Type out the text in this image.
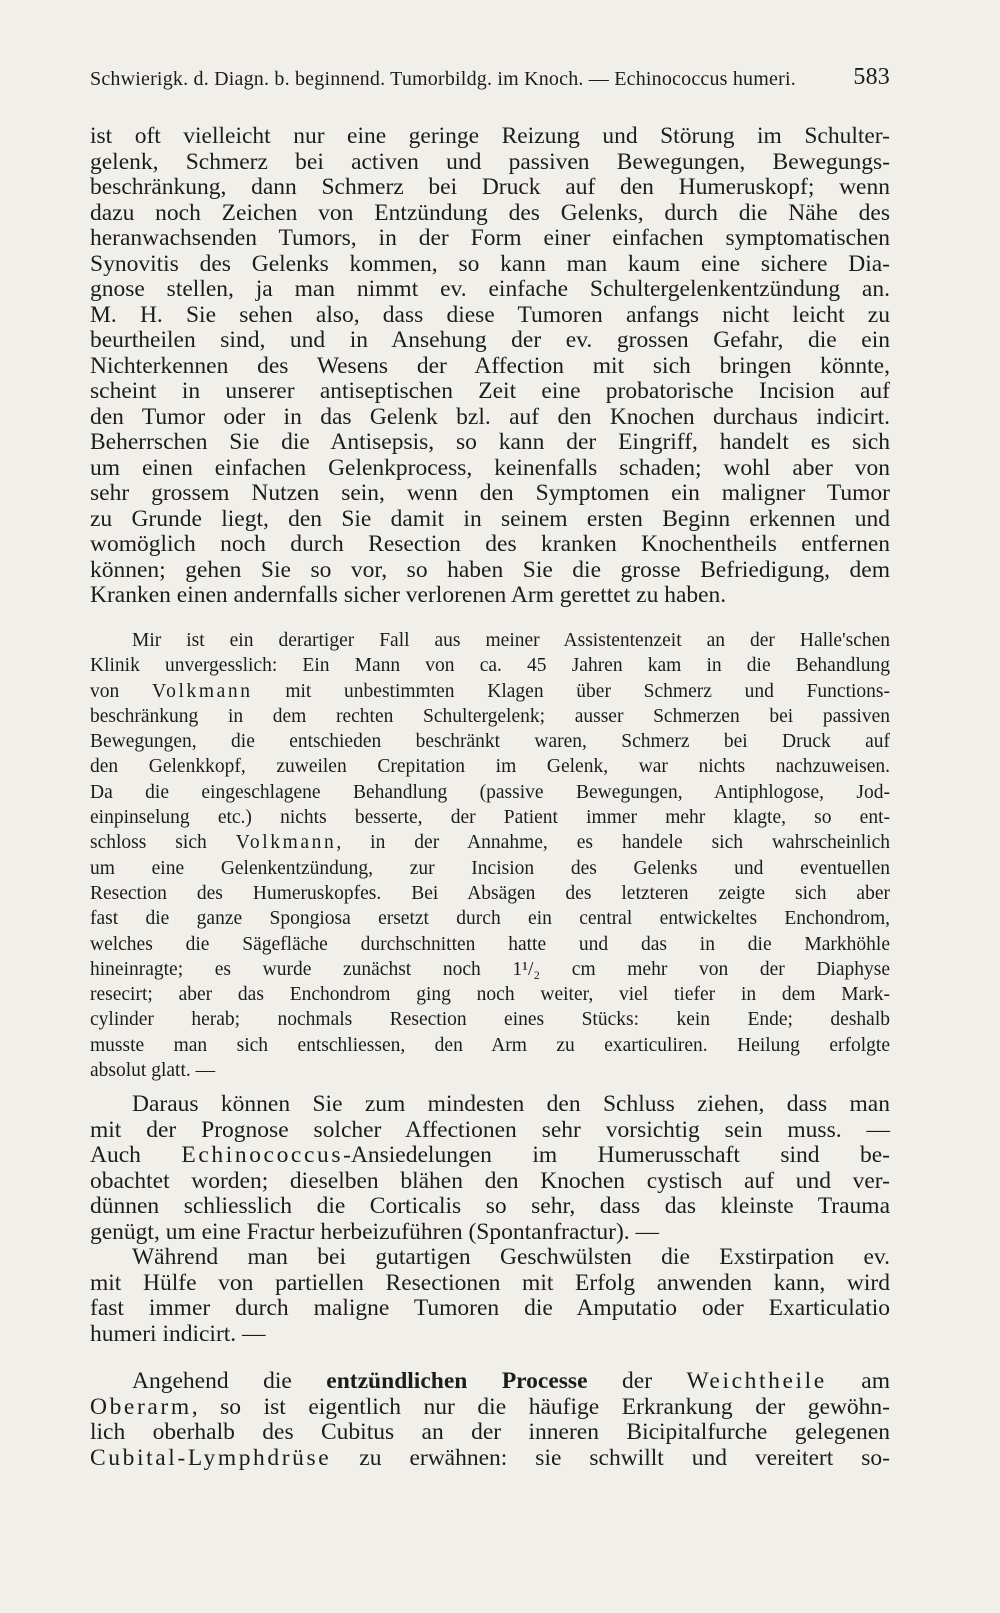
Schwierigk. d. Diagn. b. beginnend. Tumorbildg. im Knoch. — Echinococcus humeri. 583
ist oft vielleicht nur eine geringe Reizung und Störung im Schulter-
gelenk, Schmerz bei activen und passiven Bewegungen, Bewegungs-
beschränkung, dann Schmerz bei Druck auf den Humeruskopf; wenn
dazu noch Zeichen von Entzündung des Gelenks, durch die Nähe des
heranwachsenden Tumors, in der Form einer einfachen symptomatischen
Synovitis des Gelenks kommen, so kann man kaum eine sichere Dia-
gnose stellen, ja man nimmt ev. einfache Schultergelenkentzündung an.
M. H. Sie sehen also, dass diese Tumoren anfangs nicht leicht zu
beurtheilen sind, und in Ansehung der ev. grossen Gefahr, die ein
Nichterkennen des Wesens der Affection mit sich bringen könnte,
scheint in unserer antiseptischen Zeit eine probatorische Incision auf
den Tumor oder in das Gelenk bzl. auf den Knochen durchaus indicirt.
Beherrschen Sie die Antisepsis, so kann der Eingriff, handelt es sich
um einen einfachen Gelenkprocess, keinenfalls schaden; wohl aber von
sehr grossem Nutzen sein, wenn den Symptomen ein maligner Tumor
zu Grunde liegt, den Sie damit in seinem ersten Beginn erkennen und
womöglich noch durch Resection des kranken Knochentheils entfernen
können; gehen Sie so vor, so haben Sie die grosse Befriedigung, dem
Kranken einen andernfalls sicher verlorenen Arm gerettet zu haben.
Mir ist ein derartiger Fall aus meiner Assistentenzeit an der Halle'schen
Klinik unvergesslich: Ein Mann von ca. 45 Jahren kam in die Behandlung
von Volkmann mit unbestimmten Klagen über Schmerz und Functions-
beschränkung in dem rechten Schultergelenk; ausser Schmerzen bei passiven
Bewegungen, die entschieden beschränkt waren, Schmerz bei Druck auf
den Gelenkkopf, zuweilen Crepitation im Gelenk, war nichts nachzuweisen.
Da die eingeschlagene Behandlung (passive Bewegungen, Antiphlogose, Jod-
einpinselung etc.) nichts besserte, der Patient immer mehr klagte, so ent-
schloss sich Volkmann, in der Annahme, es handele sich wahrscheinlich
um eine Gelenkentzündung, zur Incision des Gelenks und eventuellen
Resection des Humeruskopfes. Bei Absägen des letzteren zeigte sich aber
fast die ganze Spongiosa ersetzt durch ein central entwickeltes Enchondrom,
welches die Sägefläche durchschnitten hatte und das in die Markhöhle
hineinragte; es wurde zunächst noch 1¹/₂ cm mehr von der Diaphyse
resecirt; aber das Enchondrom ging noch weiter, viel tiefer in dem Mark-
cylinder herab; nochmals Resection eines Stücks: kein Ende; deshalb
musste man sich entschliessen, den Arm zu exarticuliren. Heilung erfolgte
absolut glatt. —
Daraus können Sie zum mindesten den Schluss ziehen, dass man
mit der Prognose solcher Affectionen sehr vorsichtig sein muss. —
Auch Echinococcus-Ansiedelungen im Humerusschaft sind be-
obachtet worden; dieselben blähen den Knochen cystisch auf und ver-
dünnen schliesslich die Corticalis so sehr, dass das kleinste Trauma
genügt, um eine Fractur herbeizuführen (Spontanfractur). —
Während man bei gutartigen Geschwülsten die Exstirpation ev.
mit Hülfe von partiellen Resectionen mit Erfolg anwenden kann, wird
fast immer durch maligne Tumoren die Amputatio oder Exarticulatio
humeri indicirt. —
Angehend die entzündlichen Processe der Weichtheile am
Oberarm, so ist eigentlich nur die häufige Erkrankung der gewöhn-
lich oberhalb des Cubitus an der inneren Bicipitalfurche gelegenen
Cubital-Lymphdrüse zu erwähnen: sie schwillt und vereitert so-
